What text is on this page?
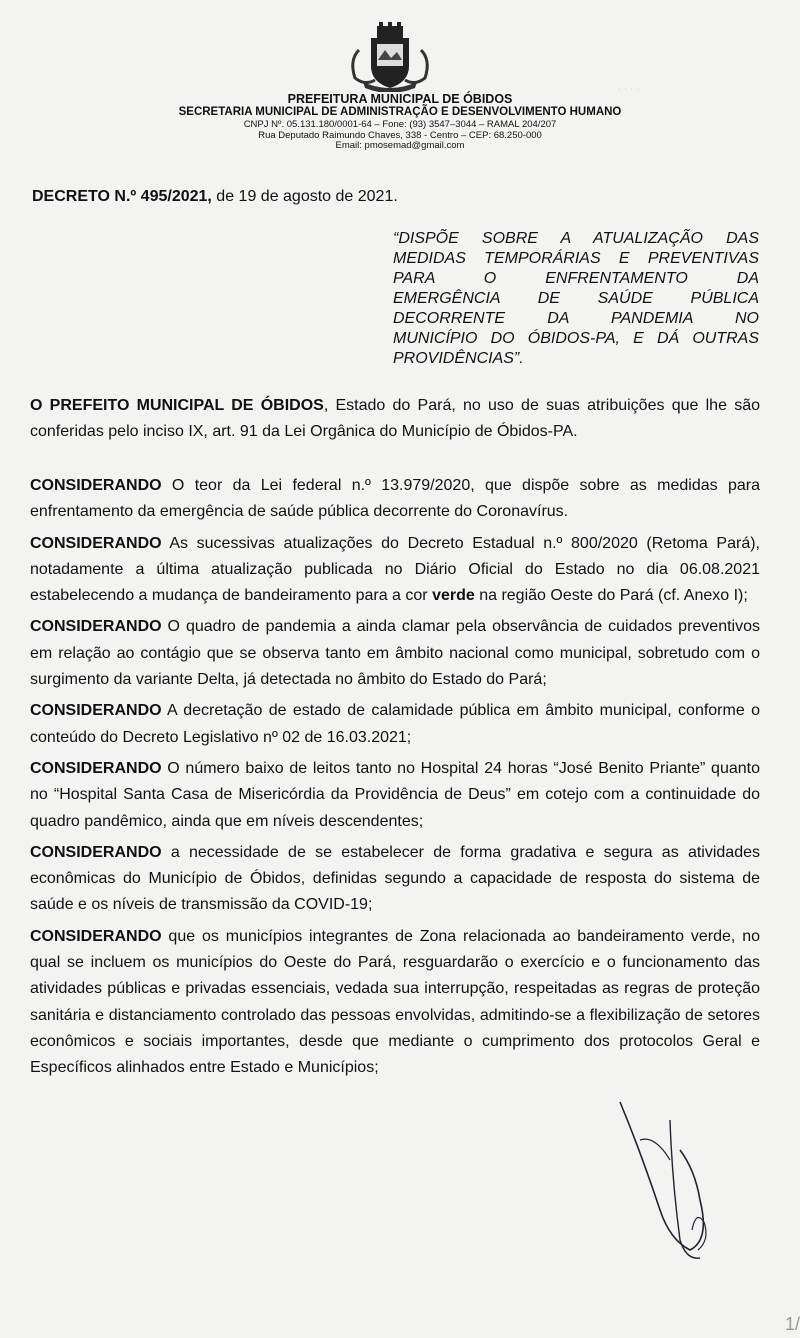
· · · ·
PREFEITURA MUNICIPAL DE ÓBIDOS
SECRETARIA MUNICIPAL DE ADMINISTRAÇÃO E DESENVOLVIMENTO HUMANO
CNPJ Nº. 05.131.180/0001-64 – Fone: (93) 3547–3044 – RAMAL 204/207
Rua Deputado Raimundo Chaves, 338 - Centro – CEP: 68.250-000
Email: pmosemad@gmail.com
DECRETO N.º 495/2021, de 19 de agosto de 2021.
“DISPÕE SOBRE A ATUALIZAÇÃO DAS
MEDIDAS TEMPORÁRIAS E PREVENTIVAS
PARA O ENFRENTAMENTO DA
EMERGÊNCIA DE SAÚDE PÚBLICA
DECORRENTE DA PANDEMIA NO
MUNICÍPIO DO ÓBIDOS-PA, E DÁ OUTRAS
PROVIDÊNCIAS”.

O PREFEITO MUNICIPAL DE ÓBIDOS, Estado do Pará, no uso de suas atribuições que lhe são conferidas pelo inciso IX, art. 91 da Lei Orgânica do Município de Óbidos-PA.

CONSIDERANDO O teor da Lei federal n.º 13.979/2020, que dispõe sobre as medidas para enfrentamento da emergência de saúde pública decorrente do Coronavírus.

CONSIDERANDO As sucessivas atualizações do Decreto Estadual n.º 800/2020 (Retoma Pará), notadamente a última atualização publicada no Diário Oficial do Estado no dia 06.08.2021 estabelecendo a mudança de bandeiramento para a cor verde na região Oeste do Pará (cf. Anexo I);

CONSIDERANDO O quadro de pandemia a ainda clamar pela observância de cuidados preventivos em relação ao contágio que se observa tanto em âmbito nacional como municipal, sobretudo com o surgimento da variante Delta, já detectada no âmbito do Estado do Pará;

CONSIDERANDO A decretação de estado de calamidade pública em âmbito municipal, conforme o conteúdo do Decreto Legislativo nº 02 de 16.03.2021;

CONSIDERANDO O número baixo de leitos tanto no Hospital 24 horas “José Benito Priante” quanto no “Hospital Santa Casa de Misericórdia da Providência de Deus” em cotejo com a continuidade do quadro pandêmico, ainda que em níveis descendentes;

CONSIDERANDO a necessidade de se estabelecer de forma gradativa e segura as atividades econômicas do Município de Óbidos, definidas segundo a capacidade de resposta do sistema de saúde e os níveis de transmissão da COVID-19;

CONSIDERANDO que os municípios integrantes de Zona relacionada ao bandeiramento verde, no qual se incluem os municípios do Oeste do Pará, resguardarão o exercício e o funcionamento das atividades públicas e privadas essenciais, vedada sua interrupção, respeitadas as regras de proteção sanitária e distanciamento controlado das pessoas envolvidas, admitindo-se a flexibilização de setores econômicos e sociais importantes, desde que mediante o cumprimento dos protocolos Geral e Específicos alinhados entre Estado e Municípios;

1/
